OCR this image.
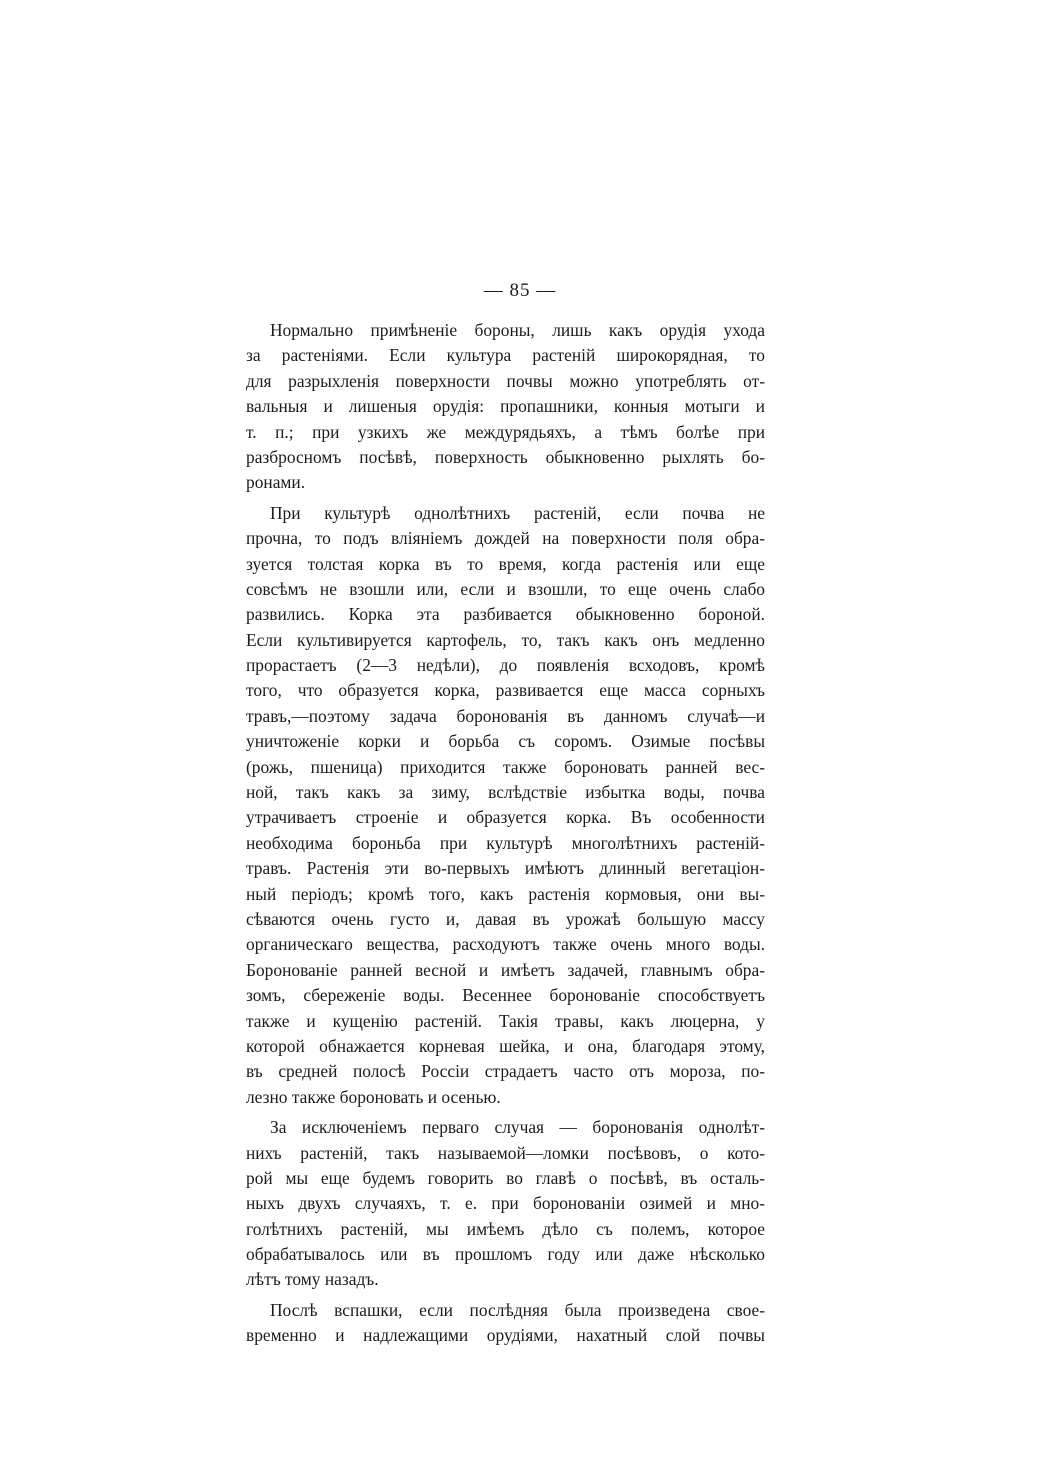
— 85 —
Нормально примѣненіе бороны, лишь какъ орудія ухода
за растеніями. Если культура растеній широкорядная, то
для разрыхленія поверхности почвы можно употреблять от-
вальныя и лишеныя орудія: пропашники, конныя мотыги и
т. п.; при узкихъ же междурядьяхъ, а тѣмъ болѣе при
разбросномъ посѣвѣ, поверхность обыкновенно рыхлять бо-
ронами.
При культурѣ однолѣтнихъ растеній, если почва не
прочна, то подъ вліяніемъ дождей на поверхности поля обра-
зуется толстая корка въ то время, когда растенія или еще
совсѣмъ не взошли или, если и взошли, то еще очень слабо
развились. Корка эта разбивается обыкновенно бороной.
Если культивируется картофель, то, такъ какъ онъ медленно
прорастаетъ (2—3 недѣли), до появленія всходовъ, кромѣ
того, что образуется корка, развивается еще масса сорныхъ
травъ,—поэтому задача боронованія въ данномъ случаѣ—и
уничтоженіе корки и борьба съ соромъ. Озимые посѣвы
(рожь, пшеница) приходится также бороновать ранней вес-
ной, такъ какъ за зиму, вслѣдствіе избытка воды, почва
утрачиваетъ строеніе и образуется корка. Въ особенности
необходима бороньба при культурѣ многолѣтнихъ растеній-
травъ. Растенія эти во-первыхъ имѣютъ длинный вегетаціон-
ный періодъ; кромѣ того, какъ растенія кормовыя, они вы-
сѣваются очень густо и, давая въ урожаѣ большую массу
органическаго вещества, расходуютъ также очень много воды.
Боронованіе ранней весной и имѣетъ задачей, главнымъ обра-
зомъ, сбереженіе воды. Весеннее боронованіе способствуетъ
также и кущенію растеній. Такія травы, какъ люцерна, у
которой обнажается корневая шейка, и она, благодаря этому,
въ средней полосѣ Россіи страдаетъ часто отъ мороза, по-
лезно также бороновать и осенью.
За исключеніемъ перваго случая — боронованія однолѣт-
нихъ растеній, такъ называемой—ломки посѣвовъ, о кото-
рой мы еще будемъ говорить во главѣ о посѣвѣ, въ осталь-
ныхъ двухъ случаяхъ, т. е. при боронованіи озимей и мно-
голѣтнихъ растеній, мы имѣемъ дѣло съ полемъ, которое
обрабатывалось или въ прошломъ году или даже нѣсколько
лѣтъ тому назадъ.
Послѣ вспашки, если послѣдняя была произведена свое-
временно и надлежащими орудіями, нахатный слой почвы
